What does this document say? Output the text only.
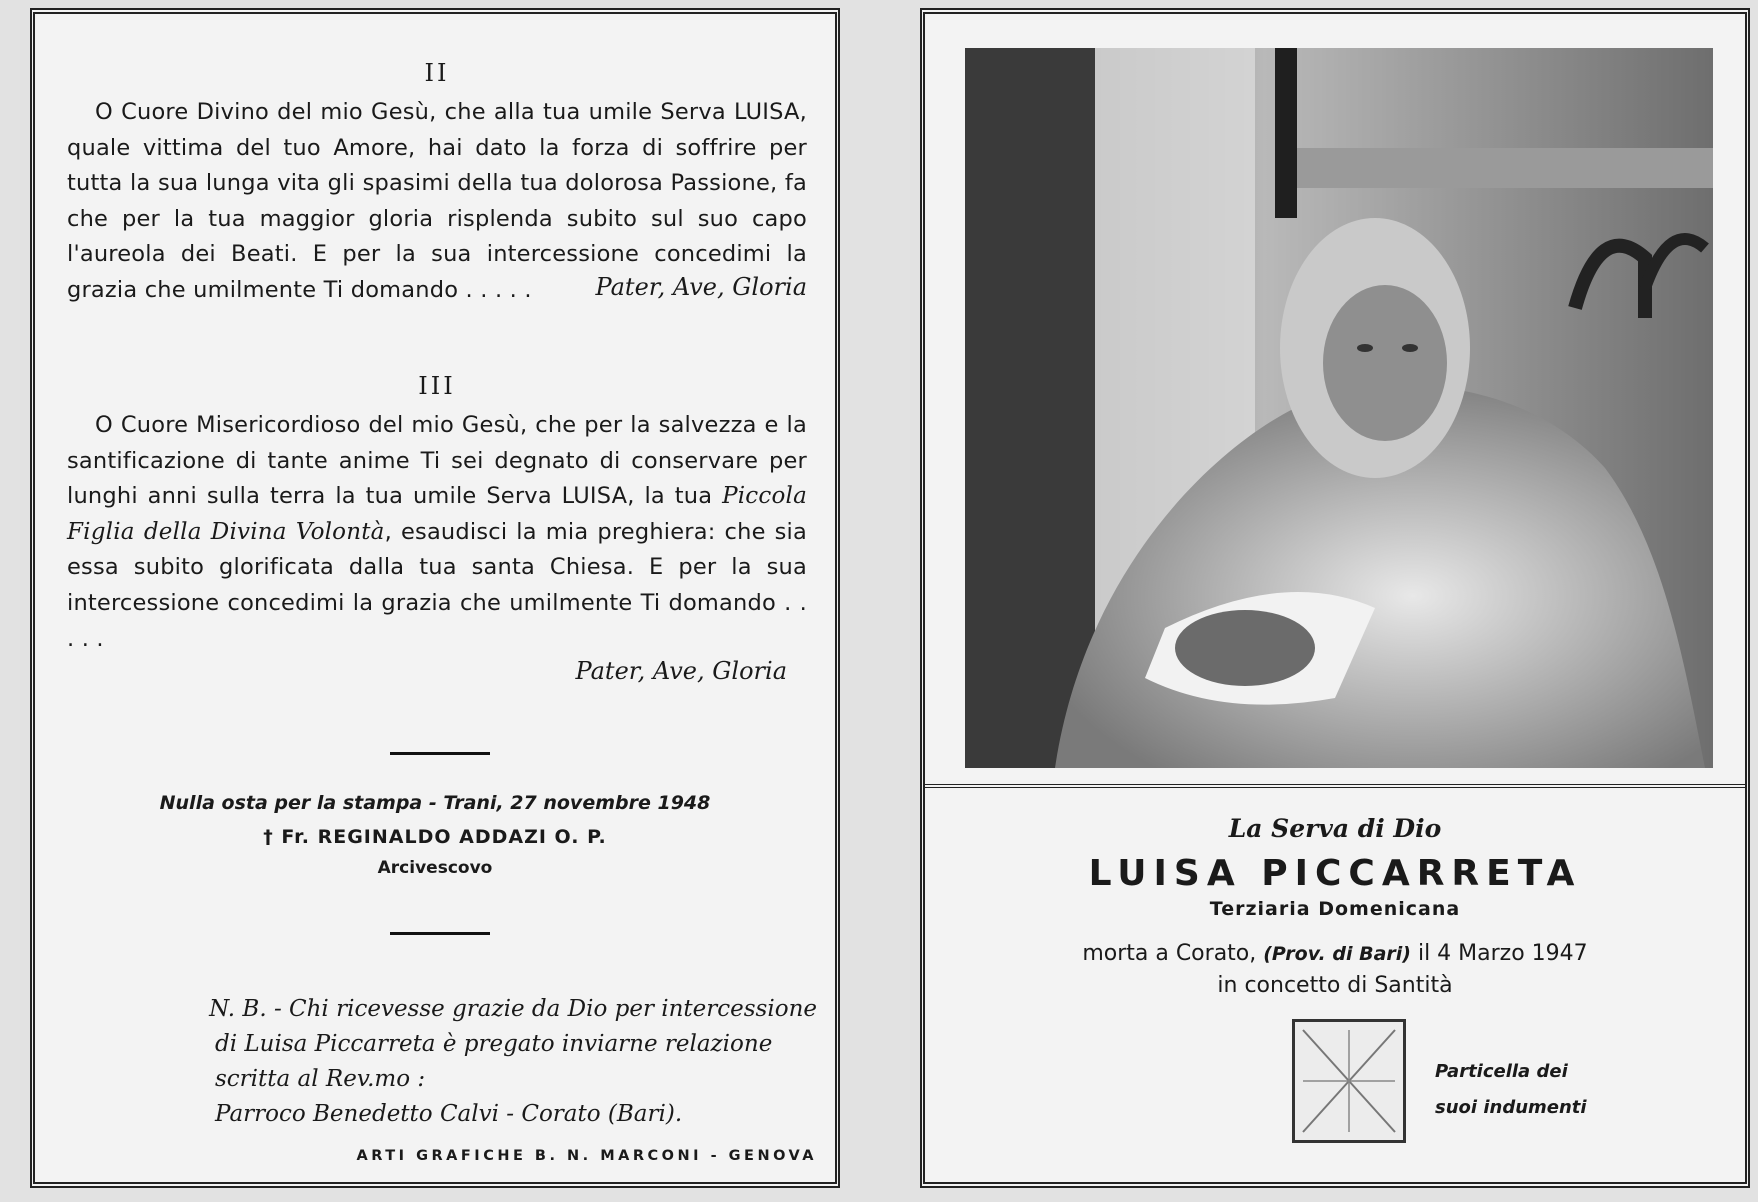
II

O Cuore Divino del mio Gesù, che alla tua umile Serva LUISA, quale vittima del tuo Amore, hai dato la forza di soffrire per tutta la sua lunga vita gli spasimi della tua dolorosa Passione, fa che per la tua maggior gloria risplenda subito sul suo capo l'aureola dei Beati. E per la sua intercessione concedimi la grazia che umilmente Ti domando . . . . .	Pater, Ave, Gloria

III

O Cuore Misericordioso del mio Gesù, che per la salvezza e la santificazione di tante anime Ti sei degnato di conservare per lunghi anni sulla terra la tua umile Serva LUISA, la tua Piccola Figlia della Divina Volontà, esaudisci la mia preghiera: che sia essa subito glorificata dalla tua santa Chiesa. E per la sua intercessione concedimi la grazia che umilmente Ti domando . . . . .

Pater, Ave, Gloria

Nulla osta per la stampa - Trani, 27 novembre 1948

† Fr. REGINALDO ADDAZI O. P.

Arcivescovo

N. B. - Chi ricevesse grazie da Dio per intercessione
di Luisa Piccarreta è pregato inviarne relazione scritta al Rev.mo :
Parroco Benedetto Calvi - Corato (Bari).
ARTI GRAFICHE B. N. MARCONI - GENOVA

La Serva di Dio

LUISA PICCARRETA

Terziaria Domenicana

morta a Corato, (Prov. di Bari) il 4 Marzo 1947

in concetto di Santità

Particella dei
suoi indumenti
